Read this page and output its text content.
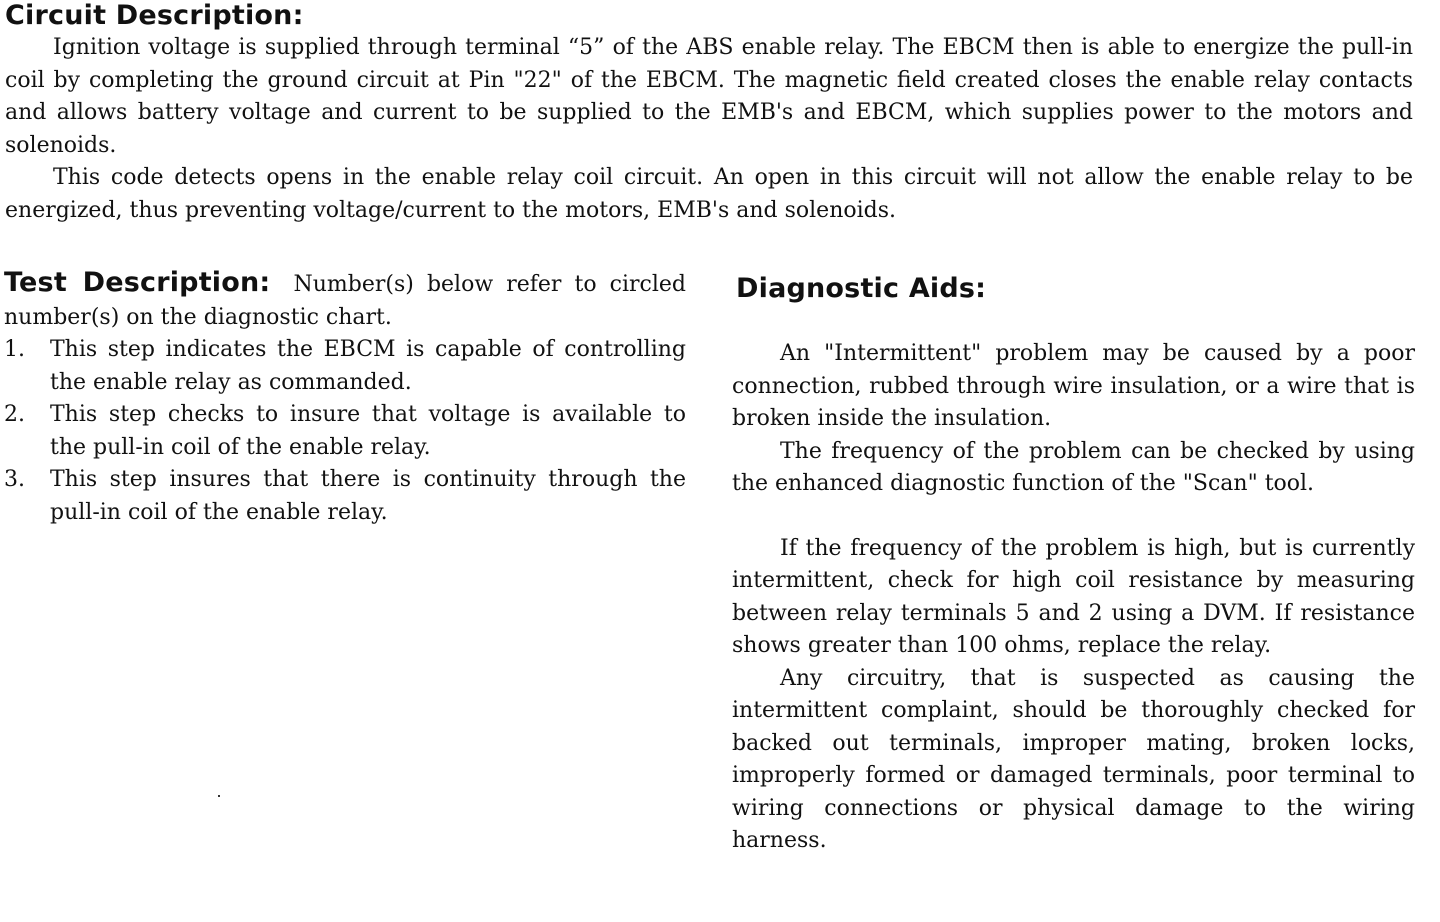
Circuit Description:

Ignition voltage is supplied through terminal “5” of the ABS enable relay. The EBCM then is able to energize the pull-in coil by completing the ground circuit at Pin "22" of the EBCM. The magnetic field created closes the enable relay contacts and allows battery voltage and current to be supplied to the EMB's and EBCM, which supplies power to the motors and solenoids.

This code detects opens in the enable relay coil circuit. An open in this circuit will not allow the enable relay to be energized, thus preventing voltage/current to the motors, EMB's and solenoids.

Test Description: Number(s) below refer to circled number(s) on the diagnostic chart.

1. This step indicates the EBCM is capable of controlling the enable relay as commanded.
2. This step checks to insure that voltage is available to the pull-in coil of the enable relay.
3. This step insures that there is continuity through the pull-in coil of the enable relay.
Diagnostic Aids:

An "Intermittent" problem may be caused by a poor connection, rubbed through wire insulation, or a wire that is broken inside the insulation.

The frequency of the problem can be checked by using the enhanced diagnostic function of the "Scan" tool.

If the frequency of the problem is high, but is currently intermittent, check for high coil resistance by measuring between relay terminals 5 and 2 using a DVM. If resistance shows greater than 100 ohms, replace the relay.

Any circuitry, that is suspected as causing the intermittent complaint, should be thoroughly checked for backed out terminals, improper mating, broken locks, improperly formed or damaged terminals, poor terminal to wiring connections or physical damage to the wiring harness.
